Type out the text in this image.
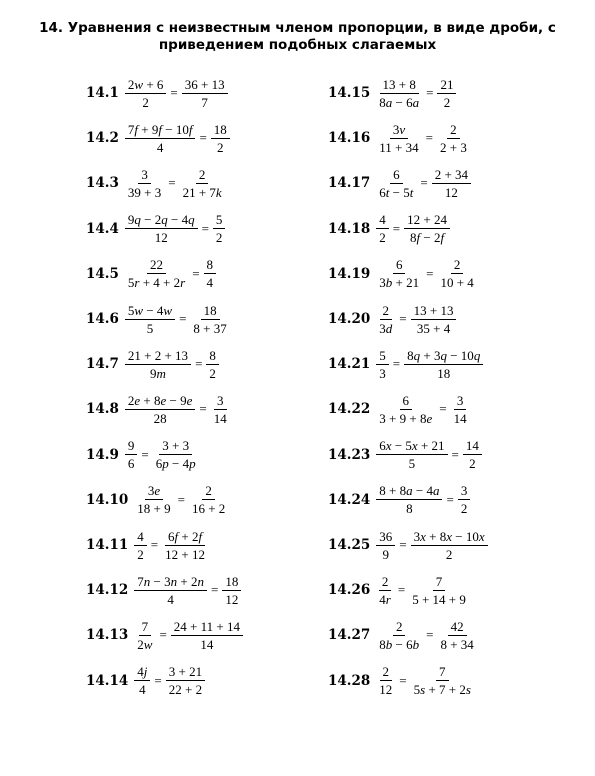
14. Уравнения с неизвестным членом пропорции, в виде дроби, с
приведением подобных слагаемых
$14.1 \frac{2w + 6}{2} = \frac{36 + 13}{7}$
$14.2 \frac{7f + 9f - 10f}{4} = \frac{18}{2}$
$14.3 \frac{3}{39 + 3} = \frac{2}{21 + 7k}$
$14.4 \frac{9q - 2q - 4q}{12} = \frac{5}{2}$
$14.5 \frac{22}{5r + 4 + 2r} = \frac{8}{4}$
$14.6 \frac{5w - 4w}{5} = \frac{18}{8 + 37}$
$14.7 \frac{21 + 2 + 13}{9m} = \frac{8}{2}$
$14.8 \frac{2e + 8e - 9e}{28} = \frac{3}{14}$
$14.9 \frac{9}{6} = \frac{3 + 3}{6p - 4p}$
$14.10 \frac{3e}{18 + 9} = \frac{2}{16 + 2}$
$14.11 \frac{4}{2} = \frac{6f + 2f}{12 + 12}$
$14.12 \frac{7n - 3n + 2n}{4} = \frac{18}{12}$
$14.13 \frac{7}{2w} = \frac{24 + 11 + 14}{14}$
$14.14 \frac{4j}{4} = \frac{3 + 21}{22 + 2}$
$14.15 \frac{13 + 8}{8a - 6a} = \frac{21}{2}$
$14.16 \frac{3v}{11 + 34} = \frac{2}{2 + 3}$
$14.17 \frac{6}{6t - 5t} = \frac{2 + 34}{12}$
$14.18 \frac{4}{2} = \frac{12 + 24}{8f - 2f}$
$14.19 \frac{6}{3b + 21} = \frac{2}{10 + 4}$
$14.20 \frac{2}{3d} = \frac{13 + 13}{35 + 4}$
$14.21 \frac{5}{3} = \frac{8q + 3q - 10q}{18}$
$14.22 \frac{6}{3 + 9 + 8e} = \frac{3}{14}$
$14.23 \frac{6x - 5x + 21}{5} = \frac{14}{2}$
$14.24 \frac{8 + 8a - 4a}{8} = \frac{3}{2}$
$14.25 \frac{36}{9} = \frac{3x + 8x - 10x}{2}$
$14.26 \frac{2}{4r} = \frac{7}{5 + 14 + 9}$
$14.27 \frac{2}{8b - 6b} = \frac{42}{8 + 34}$
$14.28 \frac{2}{12} = \frac{7}{5s + 7 + 2s}$
